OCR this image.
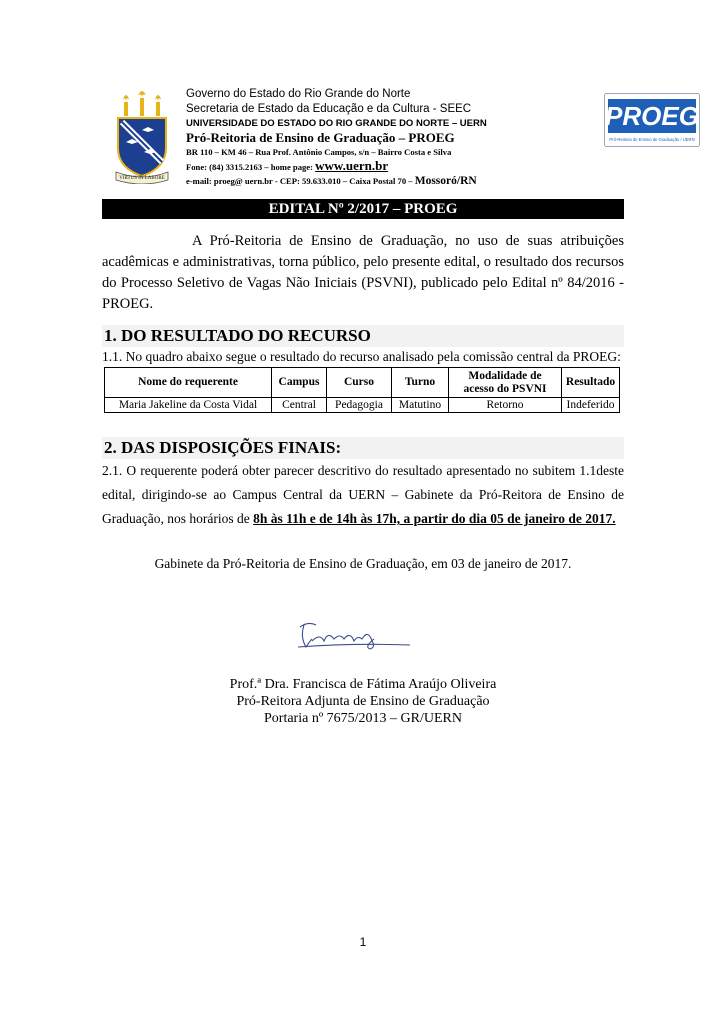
VIRTUS IN LABORE
Governo do Estado do Rio Grande do Norte
Secretaria de Estado da Educação e da Cultura - SEEC
UNIVERSIDADE DO ESTADO DO RIO GRANDE DO NORTE – UERN
Pró-Reitoria de Ensino de Graduação – PROEG
BR 110 – KM 46 – Rua Prof. Antônio Campos, s/n – Bairro Costa e Silva
Fone: (84) 3315.2163 – home page: www.uern.br
e-mail: proeg@ uern.br - CEP: 59.633.010 – Caixa Postal 70 – Mossoró/RN
PROEG
Pró-Reitoria de Ensino de Graduação / UERN
EDITAL Nº 2/2017 – PROEG
A Pró-Reitoria de Ensino de Graduação, no uso de suas atribuições acadêmicas e administrativas, torna público, pelo presente edital, o resultado dos recursos do Processo Seletivo de Vagas Não Iniciais (PSVNI), publicado pelo Edital nº 84/2016 - PROEG.
1. DO RESULTADO DO RECURSO
1.1. No quadro abaixo segue o resultado do recurso analisado pela comissão central da PROEG:
Nome do requerente	Campus	Curso	Turno	Modalidade de acesso do PSVNI	Resultado
Maria Jakeline da Costa Vidal	Central	Pedagogia	Matutino	Retorno	Indeferido
2. DAS DISPOSIÇÕES FINAIS:
2.1. O requerente poderá obter parecer descritivo do resultado apresentado no subitem 1.1deste edital, dirigindo-se ao Campus Central da UERN – Gabinete da Pró-Reitora de Ensino de Graduação, nos horários de 8h às 11h e de 14h às 17h, a partir do dia 05 de janeiro de 2017.
Gabinete da Pró-Reitoria de Ensino de Graduação, em 03 de janeiro de 2017.
Prof.ª Dra. Francisca de Fátima Araújo Oliveira
Pró-Reitora Adjunta de Ensino de Graduação
Portaria nº 7675/2013 – GR/UERN
1
